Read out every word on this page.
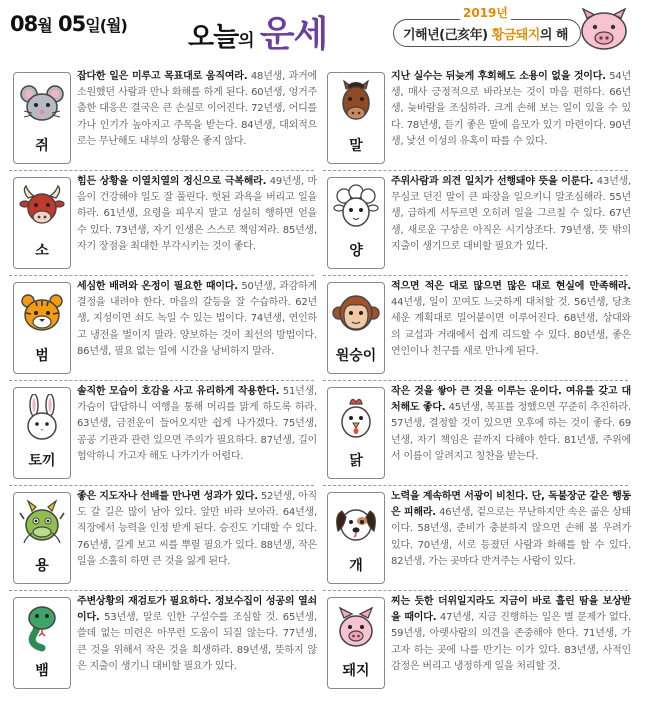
08월 05일(월) 오늘의 운세
2019년
기해년(己亥年) 황금돼지의 해
쥐
잡다한 일은 미루고 목표대로 움직여라. 48년생, 과거에 소원했던 사람과 만나 화해를 하게 된다. 60년생, 엉거주춤한 대응은 결국은 큰 손실로 이어진다. 72년생, 어디를 가나 인기가 높아지고 주목을 받는다. 84년생, 대외적으로는 무난해도 내부의 상황은 좋지 않다.
소
힘든 상황을 이열치열의 정신으로 극복해라. 49년생, 마음이 건강해야 일도 잘 풀린다. 헛된 과욕을 버리고 일을 하라. 61년생, 요령을 피우지 말고 성실히 행하면 얻을 수 있다. 73년생, 자기 인생은 스스로 책임져라. 85년생, 자기 장점을 최대한 부각시키는 것이 좋다.
범
세심한 배려와 온정이 필요한 때이다. 50년생, 과감하게 결정을 내려야 한다. 마음의 갈등을 잘 수습하라. 62년생, 지성이면 쇠도 녹일 수 있는 법이다. 74년생, 연인하고 냉전을 벌이지 말라. 양보하는 것이 최선의 방법이다. 86년생, 필요 없는 일에 시간을 낭비하지 말라.
토끼
솔직한 모습이 호감을 사고 유리하게 작용한다. 51년생, 가슴이 답답하니 여행을 통해 머리를 맑게 하도록 하라. 63년생, 금전운이 들어오지만 쉽게 나가겠다. 75년생, 공공 기관과 관련 있으면 주의가 필요하다. 87년생, 길이 험악하니 가고자 해도 나가기가 어렵다.
용
좋은 지도자나 선배를 만나면 성과가 있다. 52년생, 아직도 갈 길은 많이 남아 있다. 앞만 바라 보아라. 64년생, 직장에서 능력을 인정 받게 된다. 승진도 기대할 수 있다. 76년생, 길게 보고 씨를 뿌릴 필요가 있다. 88년생, 작은 일을 소홀히 하면 큰 것을 잃게 된다.
뱀
주변상황의 재검토가 필요하다. 정보수집이 성공의 열쇠이다. 53년생, 말로 인한 구설수를 조심할 것. 65년생, 쓸데 없는 미련은 아무런 도움이 되질 않는다. 77년생, 큰 것을 위해서 작은 것을 희생하라. 89년생, 뜻하지 않은 지출이 생기니 대비할 필요가 있다.
말
지난 실수는 뒤늦게 후회해도 소용이 없을 것이다. 54년생, 매사 긍정적으로 바라보는 것이 마음 편하다. 66년생, 늦바람을 조심하라. 크게 손해 보는 일이 있을 수 있다. 78년생, 듣기 좋은 말에 음모가 있기 마련이다. 90년생, 낯선 이성의 유혹이 따를 수 있다.
양
주위사람과 의견 일치가 선행돼야 뜻을 이룬다. 43년생, 무심코 던진 말이 큰 파장을 일으키니 말조심해라. 55년생, 급하게 서두르면 오히려 일을 그르칠 수 있다. 67년생, 새로운 구상은 아직은 시기상조다. 79년생, 뜻 밖의 지출이 생기므로 대비할 필요가 있다.
원숭이
적으면 적은 대로 많으면 많은 대로 현실에 만족해라. 44년생, 일이 꼬여도 느긋하게 대처할 것. 56년생, 당초 세운 계획대로 밀어붙이면 이루어진다. 68년생, 상대와의 교섭과 거래에서 쉽게 리드할 수 있다. 80년생, 좋은 연인이나 친구를 새로 만나게 된다.
닭
작은 것을 쌓아 큰 것을 이루는 운이다. 여유를 갖고 대처해도 좋다. 45년생, 목표를 정했으면 꾸준히 추진하라. 57년생, 결정할 것이 있으면 오후에 하는 것이 좋다. 69년생, 자기 책임은 끝까지 다해야 한다. 81년생, 주위에서 이름이 알려지고 칭찬을 받는다.
개
노력을 계속하면 서광이 비친다. 단, 독불장군 같은 행동은 피해라. 46년생, 겉으로는 무난하지만 속은 곪은 상태이다. 58년생, 준비가 충분하지 않으면 손해 볼 우려가 있다. 70년생, 서로 등졌던 사람과 화해를 할 수 있다. 82년생, 가는 곳마다 반겨주는 사람이 있다.
돼지
찌는 듯한 더위일지라도 지금이 바로 흘린 땀을 보상받을 때이다. 47년생, 지금 진행하는 일은 별 문제가 없다. 59년생, 아랫사람의 의견을 존중해야 한다. 71년생, 가고자 하는 곳에 나를 반기는 이가 있다. 83년생, 사적인 감정은 버리고 냉정하게 일을 처리할 것.
